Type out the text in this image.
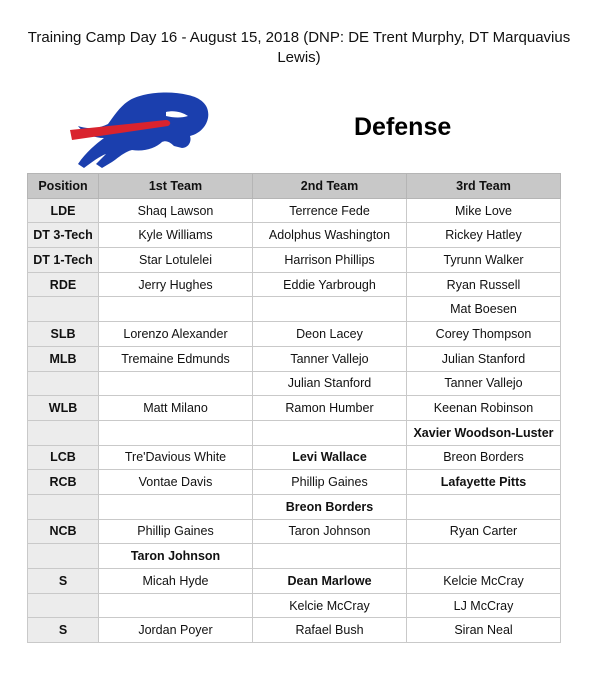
Training Camp Day 16 - August 15, 2018 (DNP: DE Trent Murphy, DT Marquavius Lewis)
Defense
Position	1st Team	2nd Team	3rd Team
LDE	Shaq Lawson	Terrence Fede	Mike Love
DT 3-Tech	Kyle Williams	Adolphus Washington	Rickey Hatley
DT 1-Tech	Star Lotulelei	Harrison Phillips	Tyrunn Walker
RDE	Jerry Hughes	Eddie Yarbrough	Ryan Russell
			Mat Boesen
SLB	Lorenzo Alexander	Deon Lacey	Corey Thompson
MLB	Tremaine Edmunds	Tanner Vallejo	Julian Stanford
		Julian Stanford	Tanner Vallejo
WLB	Matt Milano	Ramon Humber	Keenan Robinson
			Xavier Woodson-Luster
LCB	Tre'Davious White	Levi Wallace	Breon Borders
RCB	Vontae Davis	Phillip Gaines	Lafayette Pitts
		Breon Borders	
NCB	Phillip Gaines	Taron Johnson	Ryan Carter
	Taron Johnson		
S	Micah Hyde	Dean Marlowe	Kelcie McCray
		Kelcie McCray	LJ McCray
S	Jordan Poyer	Rafael Bush	Siran Neal
